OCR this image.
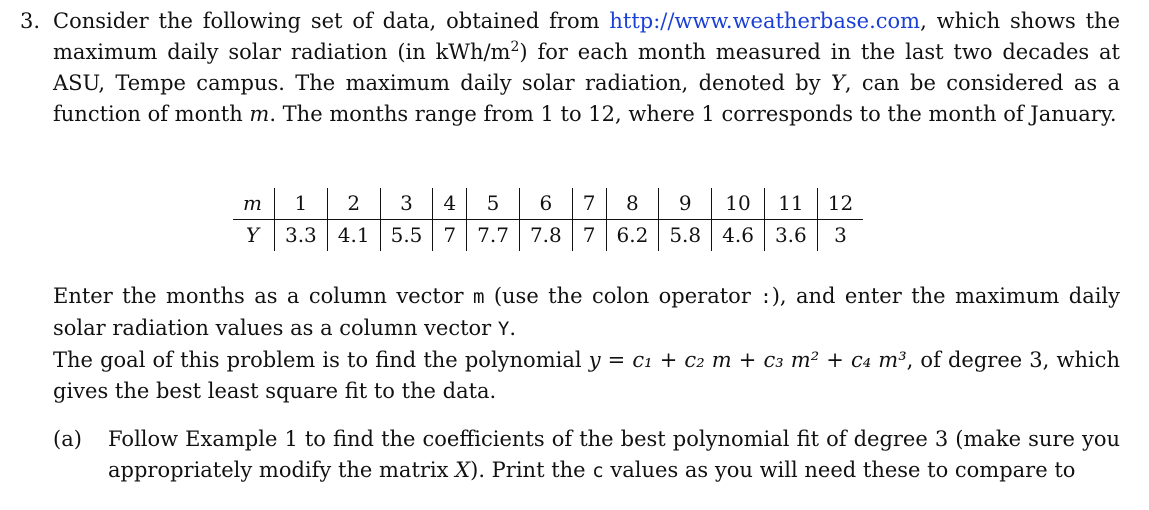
3. Consider the following set of data, obtained from http://www.weatherbase.com, which shows the maximum daily solar radiation (in kWh/$m^2$) for each month measured in the last two decades at ASU, Tempe campus. The maximum daily solar radiation, denoted by Y, can be considered as a function of month m. The months range from 1 to 12, where 1 corresponds to the month of January.
m	1	2	3	4	5	6	7	8	9	10	11	12
Y	3.3	4.1	5.5	7	7.7	7.8	7	6.2	5.8	4.6	3.6	3
Enter the months as a column vector m (use the colon operator :), and enter the maximum daily solar radiation values as a column vector Y.
The goal of this problem is to find the polynomial y = c₁ + c₂ m + c₃ m² + c₄ m³, of degree 3, which gives the best least square fit to the data.
(a) Follow Example 1 to find the coefficients of the best polynomial fit of degree 3 (make sure you appropriately modify the matrix X). Print the c values as you will need these to compare to
